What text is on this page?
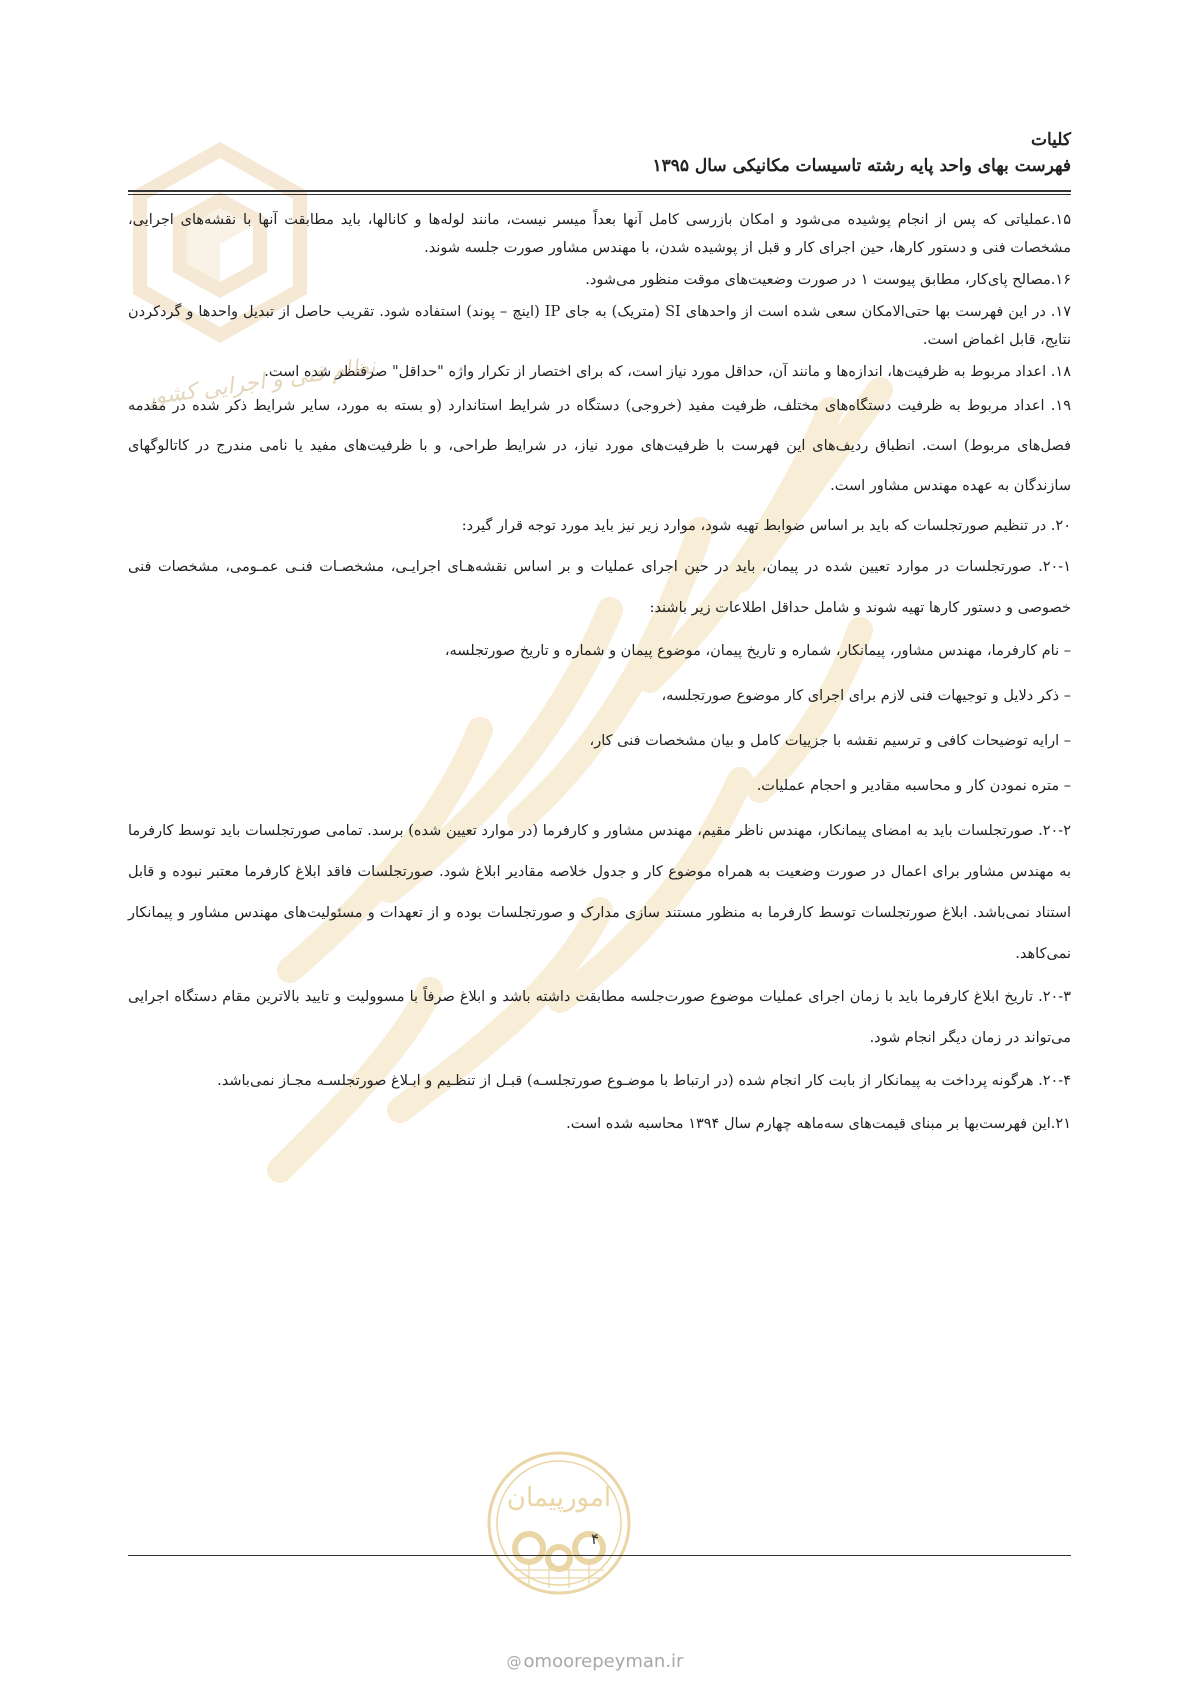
نظام فنی و اجرایی کشور
کلیات
فهرست بهای واحد پایه رشته تاسیسات مکانیکی سال ۱۳۹۵

۱۵.عملیاتی که پس از انجام پوشیده می‌شود و امکان بازرسی کامل آنها بعداً میسر نیست، مانند لوله‌ها و کانالها، باید مطابقت آنها با نقشه‌های اجرایی، مشخصات فنی و دستور کارها، حین اجرای کار و قبل از پوشیده شدن، با مهندس مشاور صورت جلسه شوند.

۱۶.مصالح پای‌کار، مطابق پیوست ۱ در صورت وضعیت‌های موقت منظور می‌شود.

۱۷. در این فهرست بها حتی‌الامکان سعی شده است از واحدهای SI (متریک) به جای IP (اینچ – پوند) استفاده شود. تقریب حاصل از تبدیل واحدها و گردکردن نتایج، قابل اغماض است.

۱۸. اعداد مربوط به ظرفیت‌ها، اندازه‌ها و مانند آن، حداقل مورد نیاز است، که برای اختصار از تکرار واژه "حداقل" صرفنظر شده است.

۱۹. اعداد مربوط به ظرفیت دستگاه‌های مختلف، ظرفیت مفید (خروجی) دستگاه در شرایط استاندارد (و بسته به مورد، سایر شرایط ذکر شده در مقدمه فصل‌های مربوط) است. انطباق ردیف‌های این فهرست با ظرفیت‌های مورد نیاز، در شرایط طراحی، و با ظرفیت‌های مفید یا نامی مندرج در کاتالوگهای سازندگان به عهده مهندس مشاور است.

۲۰. در تنظیم صورتجلسات که باید بر اساس ضوابط تهیه شود، موارد زیر نیز باید مورد توجه قرار گیرد:

۲۰-۱. صورتجلسات در موارد تعیین شده در پیمان، باید در حین اجرای عملیات و بر اساس نقشه‌هـای اجرایـی، مشخصـات فنـی عمـومی، مشخصات فنی خصوصی و دستور کارها تهیه شوند و شامل حداقل اطلاعات زیر باشند:

– نام کارفرما، مهندس مشاور، پیمانکار، شماره و تاریخ پیمان، موضوع پیمان و شماره و تاریخ صورتجلسه،

– ذکر دلایل و توجیهات فنی لازم برای اجرای کار موضوع صورتجلسه،

– ارایه توضیحات کافی و ترسیم نقشه با جزییات کامل و بیان مشخصات فنی کار،

– متره نمودن کار و محاسبه مقادیر و احجام عملیات.

۲۰-۲. صورتجلسات باید به امضای پیمانکار، مهندس ناظر مقیم، مهندس مشاور و کارفرما (در موارد تعیین شده) برسد. تمامی صورتجلسات باید توسط کارفرما به مهندس مشاور برای اعمال در صورت وضعیت به همراه موضوع کار و جدول خلاصه مقادیر ابلاغ شود. صورتجلسات فاقد ابلاغ کارفرما معتبر نبوده و قابل استناد نمی‌باشد. ابلاغ صورتجلسات توسط کارفرما به منظور مستند سازی مدارک و صورتجلسات بوده و از تعهدات و مسئولیت‌های مهندس مشاور و پیمانکار نمی‌کاهد.

۲۰-۳. تاریخ ابلاغ کارفرما باید با زمان اجرای عملیات موضوع صورت‌جلسه مطابقت داشته باشد و ابلاغ صرفاً با مسوولیت و تایید بالاترین مقام دستگاه اجرایی می‌تواند در زمان دیگر انجام شود.

۲۰-۴. هرگونه پرداخت به پیمانکار از بابت کار انجام شده (در ارتباط با موضـوع صورتجلسـه) قبـل از تنظـیم و ابـلاغ صورتجلسـه مجـاز نمی‌باشد.

۲۱.این فهرست‌بها بر مبنای قیمت‌های سه‌ماهه چهارم سال ۱۳۹۴ محاسبه شده است.

امورپیمان
۴
@ omoorepeyman.ir
